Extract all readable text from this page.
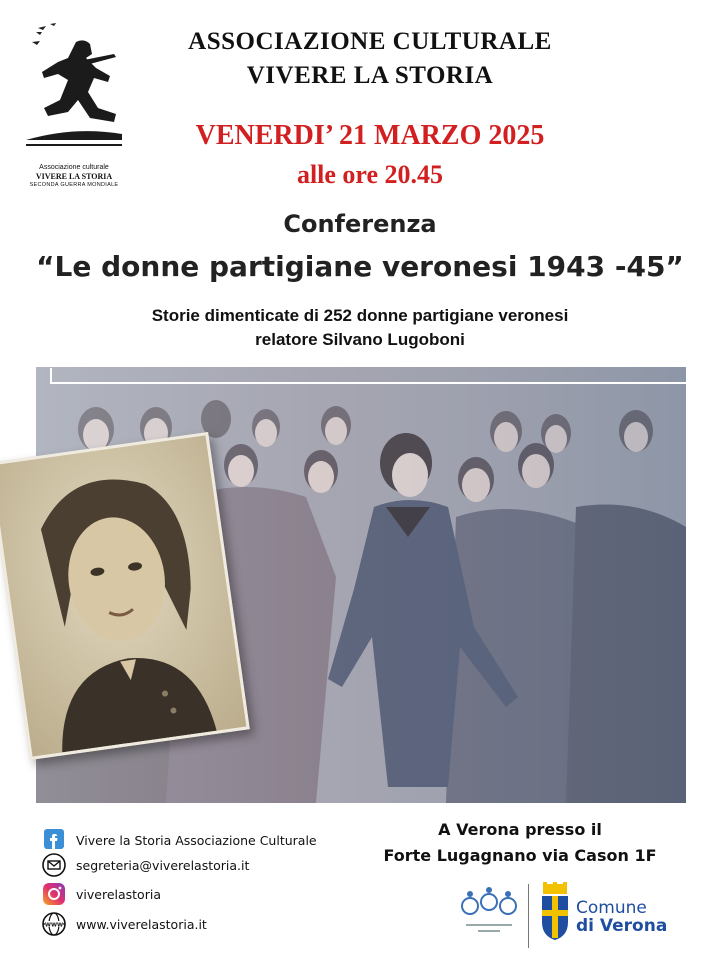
Associazione culturale
VIVERE LA STORIA
SECONDA GUERRA MONDIALE
ASSOCIAZIONE CULTURALE
VIVERE LA STORIA
VENERDI’ 21 MARZO 2025
alle ore 20.45
Conferenza
“Le donne partigiane veronesi 1943 -45”
Storie dimenticate di 252 donne partigiane veronesi
relatore Silvano Lugoboni
Vivere la Storia Associazione Culturale
segreteria@viverelastoria.it
viverelastoria
WWW www.viverelastoria.it
A Verona presso il
Forte Lugagnano via Cason 1F
Comune
di Verona
